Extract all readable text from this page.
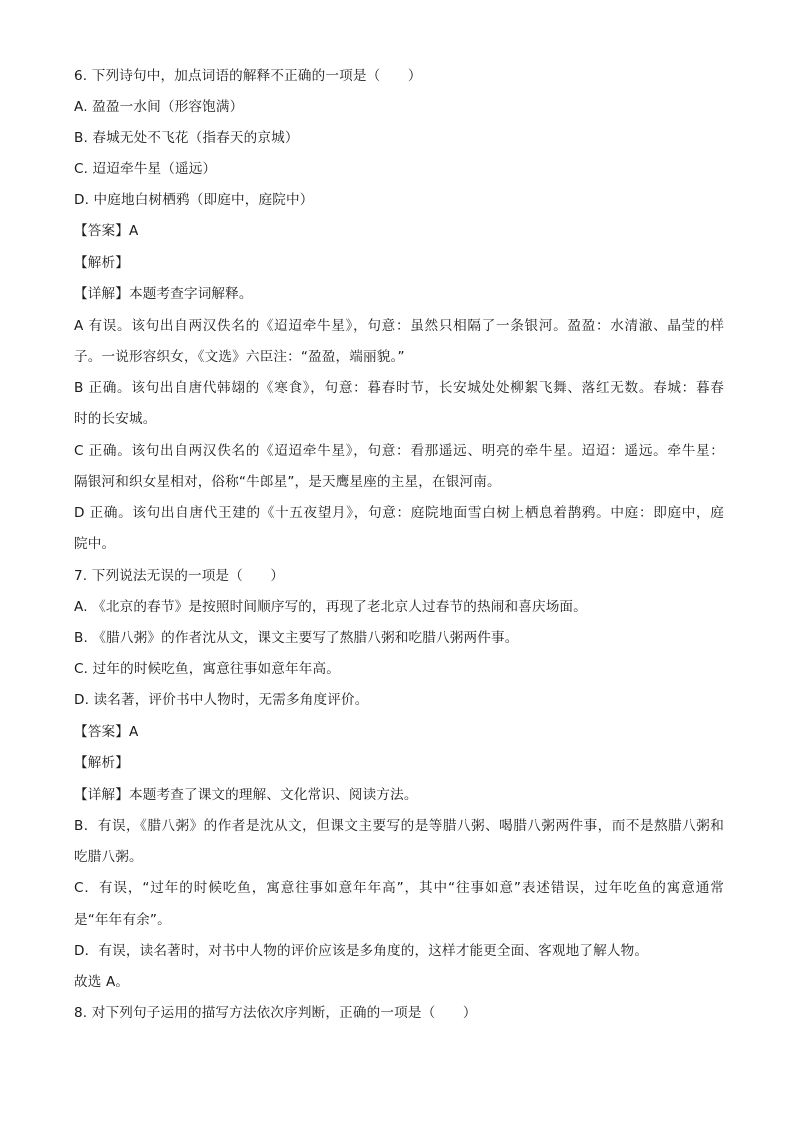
6. 下列诗句中，加点词语的解释不正确的一项是（　　）
A. 盈盈一水间（形容饱满）
B. 春城无处不飞花（指春天的京城）
C. 迢迢牵牛星（遥远）
D. 中庭地白树栖鸦（即庭中，庭院中）
【答案】A
【解析】
【详解】本题考查字词解释。
A 有误。该句出自两汉佚名的《迢迢牵牛星》，句意：虽然只相隔了一条银河。盈盈：水清澈、晶莹的样
子。一说形容织女，《文选》六臣注：“盈盈，端丽貌。”
B 正确。该句出自唐代韩翃的《寒食》，句意：暮春时节，长安城处处柳絮飞舞、落红无数。春城：暮春
时的长安城。
C 正确。该句出自两汉佚名的《迢迢牵牛星》，句意：看那遥远、明亮的牵牛星。迢迢：遥远。牵牛星：
隔银河和织女星相对，俗称“牛郎星”，是天鹰星座的主星，在银河南。
D 正确。该句出自唐代王建的《十五夜望月》，句意：庭院地面雪白树上栖息着鹊鸦。中庭：即庭中，庭
院中。
7. 下列说法无误的一项是（　　）
A. 《北京的春节》是按照时间顺序写的，再现了老北京人过春节的热闹和喜庆场面。
B. 《腊八粥》的作者沈从文，课文主要写了熬腊八粥和吃腊八粥两件事。
C. 过年的时候吃鱼，寓意往事如意年年高。
D. 读名著，评价书中人物时，无需多角度评价。
【答案】A
【解析】
【详解】本题考查了课文的理解、文化常识、阅读方法。
B．有误，《腊八粥》的作者是沈从文，但课文主要写的是等腊八粥、喝腊八粥两件事，而不是熬腊八粥和
吃腊八粥。
C．有误，“过年的时候吃鱼，寓意往事如意年年高”，其中“往事如意”表述错误，过年吃鱼的寓意通常
是“年年有余”。
D．有误，读名著时，对书中人物的评价应该是多角度的，这样才能更全面、客观地了解人物。
故选 A。
8. 对下列句子运用的描写方法依次序判断，正确的一项是（　　）
